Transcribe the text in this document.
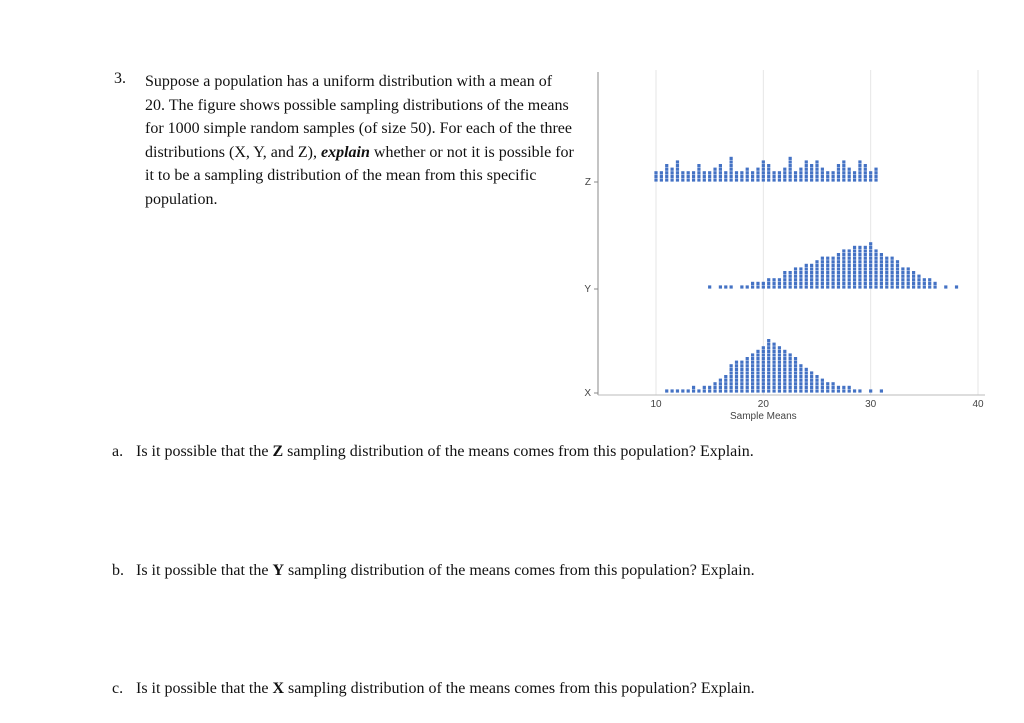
3. Suppose a population has a uniform distribution with a mean of 20. The figure shows possible sampling distributions of the means for 1000 simple random samples (of size 50). For each of the three distributions (X, Y, and Z), explain whether or not it is possible for it to be a sampling distribution of the mean from this specific population.
10	20	30	40
Sample Means
Z
Y
X
a. Is it possible that the Z sampling distribution of the means comes from this population? Explain.
b. Is it possible that the Y sampling distribution of the means comes from this population? Explain.
c. Is it possible that the X sampling distribution of the means comes from this population? Explain.
